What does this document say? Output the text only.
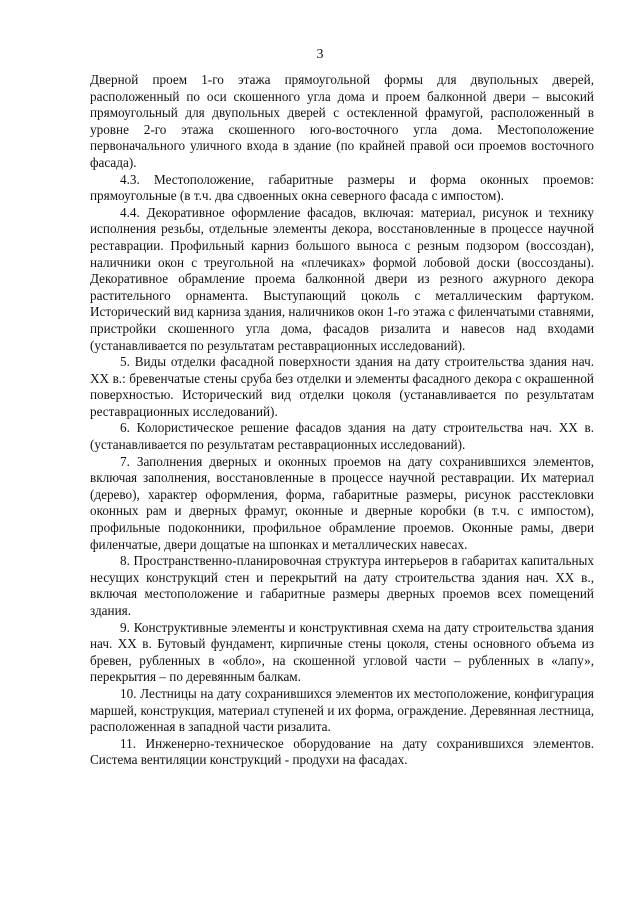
3

Дверной проем 1-го этажа прямоугольной формы для двупольных дверей, расположенный по оси скошенного угла дома и проем балконной двери – высокий прямоугольный для двупольных дверей с остекленной фрамугой, расположенный в уровне 2-го этажа скошенного юго-восточного угла дома. Местоположение первоначального уличного входа в здание (по крайней правой оси проемов восточного фасада).

4.3. Местоположение, габаритные размеры и форма оконных проемов: прямоугольные (в т.ч. два сдвоенных окна северного фасада с импостом).

4.4. Декоративное оформление фасадов, включая: материал, рисунок и технику исполнения резьбы, отдельные элементы декора, восстановленные в процессе научной реставрации. Профильный карниз большого выноса с резным подзором (воссоздан), наличники окон с треугольной на «плечиках» формой лобовой доски (воссозданы). Декоративное обрамление проема балконной двери из резного ажурного декора растительного орнамента. Выступающий цоколь с металлическим фартуком. Исторический вид карниза здания, наличников окон 1-го этажа с филенчатыми ставнями, пристройки скошенного угла дома, фасадов ризалита и навесов над входами (устанавливается по результатам реставрационных исследований).

5. Виды отделки фасадной поверхности здания на дату строительства здания нач. XX в.: бревенчатые стены сруба без отделки и элементы фасадного декора с окрашенной поверхностью. Исторический вид отделки цоколя (устанавливается по результатам реставрационных исследований).

6. Колористическое решение фасадов здания на дату строительства нач. XX в. (устанавливается по результатам реставрационных исследований).

7. Заполнения дверных и оконных проемов на дату сохранившихся элементов, включая заполнения, восстановленные в процессе научной реставрации. Их материал (дерево), характер оформления, форма, габаритные размеры, рисунок расстекловки оконных рам и дверных фрамуг, оконные и дверные коробки (в т.ч. с импостом), профильные подоконники, профильное обрамление проемов. Оконные рамы, двери филенчатые, двери дощатые на шпонках и металлических навесах.

8. Пространственно-планировочная структура интерьеров в габаритах капитальных несущих конструкций стен и перекрытий на дату строительства здания нач. XX в., включая местоположение и габаритные размеры дверных проемов всех помещений здания.

9. Конструктивные элементы и конструктивная схема на дату строительства здания нач. XX в. Бутовый фундамент, кирпичные стены цоколя, стены основного объема из бревен, рубленных в «обло», на скошенной угловой части – рубленных в «лапу», перекрытия – по деревянным балкам.

10. Лестницы на дату сохранившихся элементов их местоположение, конфигурация маршей, конструкция, материал ступеней и их форма, ограждение. Деревянная лестница, расположенная в западной части ризалита.

11. Инженерно-техническое оборудование на дату сохранившихся элементов. Система вентиляции конструкций - продухи на фасадах.
